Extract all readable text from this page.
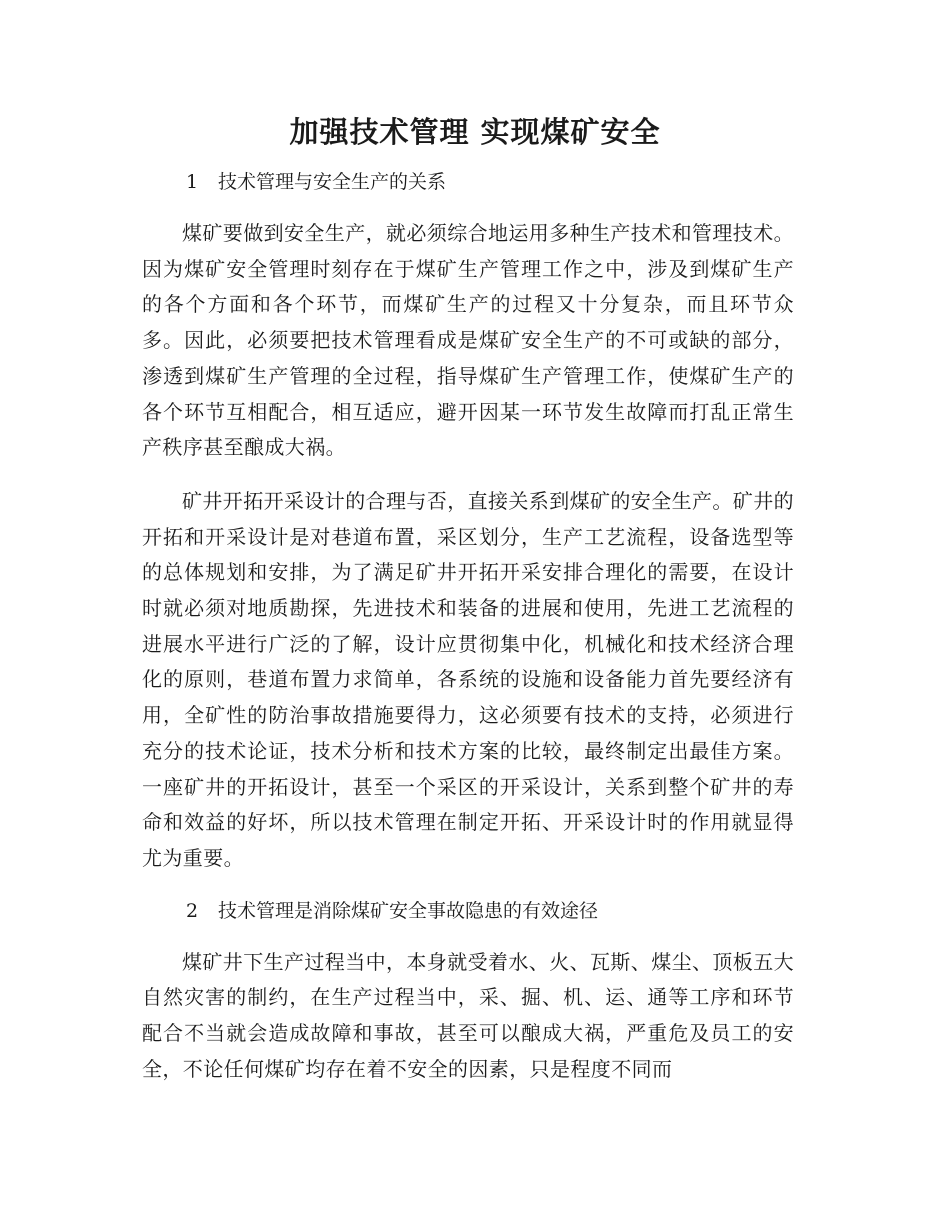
加强技术管理 实现煤矿安全

1 技术管理与安全生产的关系

煤矿要做到安全生产，就必须综合地运用多种生产技术和管理技术。因为煤矿安全管理时刻存在于煤矿生产管理工作之中，涉及到煤矿生产的各个方面和各个环节，而煤矿生产的过程又十分复杂，而且环节众多。因此，必须要把技术管理看成是煤矿安全生产的不可或缺的部分，渗透到煤矿生产管理的全过程，指导煤矿生产管理工作，使煤矿生产的各个环节互相配合，相互适应，避开因某一环节发生故障而打乱正常生产秩序甚至酿成大祸。

矿井开拓开采设计的合理与否，直接关系到煤矿的安全生产。矿井的开拓和开采设计是对巷道布置，采区划分，生产工艺流程，设备选型等的总体规划和安排，为了满足矿井开拓开采安排合理化的需要，在设计时就必须对地质勘探，先进技术和装备的进展和使用，先进工艺流程的进展水平进行广泛的了解，设计应贯彻集中化，机械化和技术经济合理化的原则，巷道布置力求简单，各系统的设施和设备能力首先要经济有用，全矿性的防治事故措施要得力，这必须要有技术的支持，必须进行充分的技术论证，技术分析和技术方案的比较，最终制定出最佳方案。一座矿井的开拓设计，甚至一个采区的开采设计，关系到整个矿井的寿命和效益的好坏，所以技术管理在制定开拓、开采设计时的作用就显得尤为重要。

2 技术管理是消除煤矿安全事故隐患的有效途径

煤矿井下生产过程当中，本身就受着水、火、瓦斯、煤尘、顶板五大自然灾害的制约，在生产过程当中，采、掘、机、运、通等工序和环节配合不当就会造成故障和事故，甚至可以酿成大祸，严重危及员工的安全，不论任何煤矿均存在着不安全的因素，只是程度不同而
